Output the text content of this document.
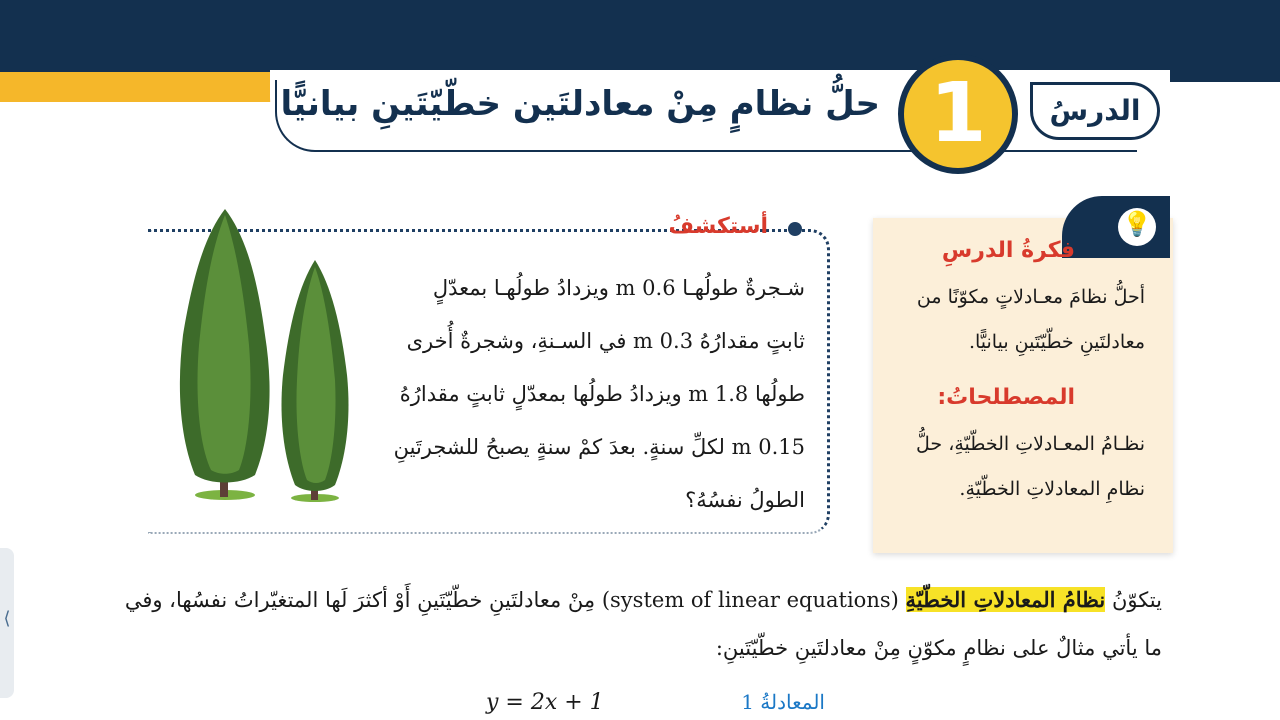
حلُّ نظامٍ مِنْ معادلتَين خطّيّتَينِ بيانيًّا 1	الدرسُ
💡
فكرةُ الدرسِ
أحلُّ نظامَ معـادلاتٍ مكوّنًا من
معادلتَينِ خطّيّتَينِ بيانيًّا.
المصطلحاتُ:
نظـامُ المعـادلاتِ الخطّيّةِ، حلُّ
نظامِ المعادلاتِ الخطّيّةِ.
أستكشفُ
شـجرةٌ طولُهـا 0.6 m ويزدادُ طولُهـا بمعدّلٍ
ثابتٍ مقدارُهُ 0.3 m في السـنةِ، وشجرةٌ أُخرى
طولُها 1.8 m ويزدادُ طولُها بمعدّلٍ ثابتٍ مقدارُهُ
0.15 m لكلِّ سنةٍ. بعدَ كمْ سنةٍ يصبحُ للشجرتَينِ
الطولُ نفسُهُ؟
يتكوّنُ نظامُ المعادلاتِ الخطّيّةِ (system of linear equations) مِنْ معادلتَينِ خطّيّتَينِ أَوْ أكثرَ لَها المتغيّراتُ نفسُها، وفي
ما يأتي مثالٌ على نظامٍ مكوّنٍ مِنْ معادلتَينِ خطّيّتَينِ:
المعادلةُ 1
y = 2x + 1
⟨
